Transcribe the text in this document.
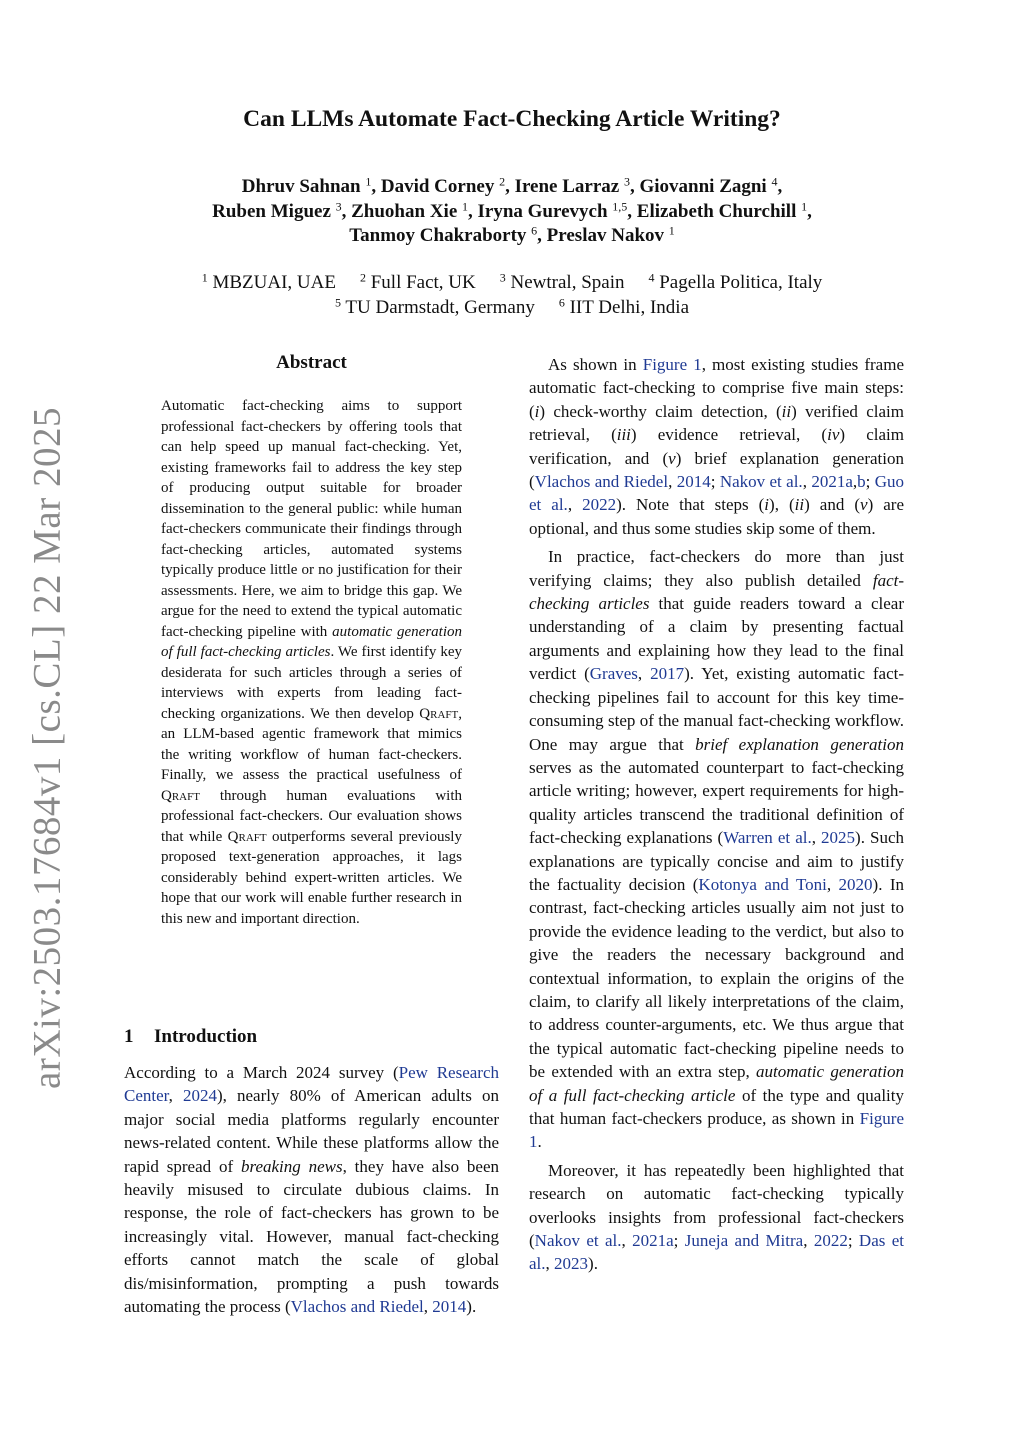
Can LLMs Automate Fact-Checking Article Writing?
Dhruv Sahnan $^1$, David Corney $^2$, Irene Larraz $^3$, Giovanni Zagni $^4$,
Ruben Miguez $^3$, Zhuohan Xie $^1$, Iryna Gurevych $^{1,5}$, Elizabeth Churchill $^1$,
Tanmoy Chakraborty $^6$, Preslav Nakov $^1$
$^1$ MBZUAI, UAE $^2$ Full Fact, UK $^3$ Newtral, Spain $^4$ Pagella Politica, Italy
$^5$ TU Darmstadt, Germany $^6$ IIT Delhi, India
arXiv:2503.17684v1 [cs.CL] 22 Mar 2025
Abstract

Automatic fact-checking aims to support professional fact-checkers by offering tools that can help speed up manual fact-checking. Yet, existing frameworks fail to address the key step of producing output suitable for broader dissemination to the general public: while human fact-checkers communicate their findings through fact-checking articles, automated systems typically produce little or no justification for their assessments. Here, we aim to bridge this gap. We argue for the need to extend the typical automatic fact-checking pipeline with automatic generation of full fact-checking articles. We first identify key desiderata for such articles through a series of interviews with experts from leading fact-checking organizations. We then develop Qraft, an LLM-based agentic framework that mimics the writing workflow of human fact-checkers. Finally, we assess the practical usefulness of Qraft through human evaluations with professional fact-checkers. Our evaluation shows that while Qraft outperforms several previously proposed text-generation approaches, it lags considerably behind expert-written articles. We hope that our work will enable further research in this new and important direction.

1 Introduction

According to a March 2024 survey (Pew Research Center, 2024), nearly 80% of American adults on major social media platforms regularly encounter news-related content. While these platforms allow the rapid spread of breaking news, they have also been heavily misused to circulate dubious claims. In response, the role of fact-checkers has grown to be increasingly vital. However, manual fact-checking efforts cannot match the scale of global dis/misinformation, prompting a push towards automating the process (Vlachos and Riedel, 2014).

As shown in Figure 1, most existing studies frame automatic fact-checking to comprise five main steps: (i) check-worthy claim detection, (ii) verified claim retrieval, (iii) evidence retrieval, (iv) claim verification, and (v) brief explanation generation (Vlachos and Riedel, 2014; Nakov et al., 2021a,b; Guo et al., 2022). Note that steps (i), (ii) and (v) are optional, and thus some studies skip some of them.

In practice, fact-checkers do more than just verifying claims; they also publish detailed fact-checking articles that guide readers toward a clear understanding of a claim by presenting factual arguments and explaining how they lead to the final verdict (Graves, 2017). Yet, existing automatic fact-checking pipelines fail to account for this key time-consuming step of the manual fact-checking workflow. One may argue that brief explanation generation serves as the automated counterpart to fact-checking article writing; however, expert requirements for high-quality articles transcend the traditional definition of fact-checking explanations (Warren et al., 2025). Such explanations are typically concise and aim to justify the factuality decision (Kotonya and Toni, 2020). In contrast, fact-checking articles usually aim not just to provide the evidence leading to the verdict, but also to give the readers the necessary background and contextual information, to explain the origins of the claim, to clarify all likely interpretations of the claim, to address counter-arguments, etc. We thus argue that the typical automatic fact-checking pipeline needs to be extended with an extra step, automatic generation of a full fact-checking article of the type and quality that human fact-checkers produce, as shown in Figure 1.

Moreover, it has repeatedly been highlighted that research on automatic fact-checking typically overlooks insights from professional fact-checkers (Nakov et al., 2021a; Juneja and Mitra, 2022; Das et al., 2023).
